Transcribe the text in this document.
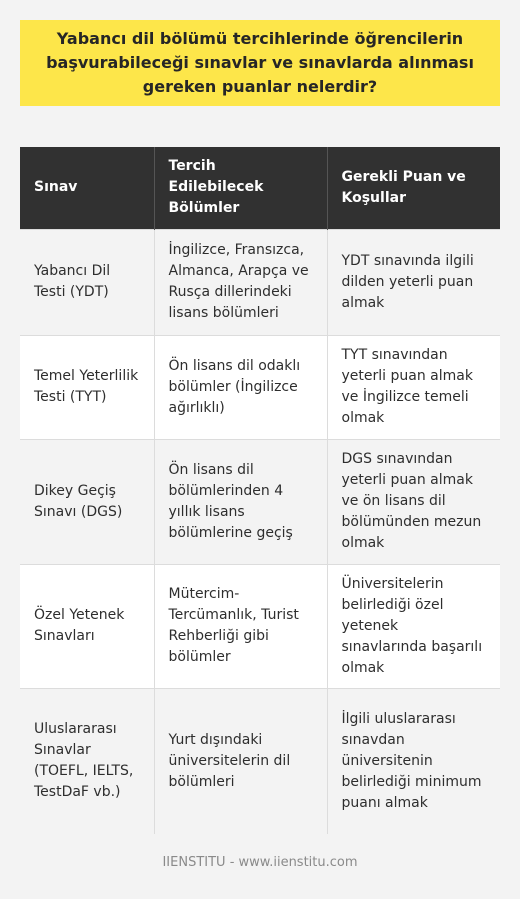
Yabancı dil bölümü tercihlerinde öğrencilerin başvurabileceği sınavlar ve sınavlarda alınması gereken puanlar nelerdir?
Sınav	Tercih Edilebilecek Bölümler	Gerekli Puan ve Koşullar
Yabancı Dil Testi (YDT)	İngilizce, Fransızca, Almanca, Arapça ve Rusça dillerindeki lisans bölümleri	YDT sınavında ilgili dilden yeterli puan almak
Temel Yeterlilik Testi (TYT)	Ön lisans dil odaklı bölümler (İngilizce ağırlıklı)	TYT sınavından yeterli puan almak ve İngilizce temeli olmak
Dikey Geçiş Sınavı (DGS)	Ön lisans dil bölümlerinden 4 yıllık lisans bölümlerine geçiş	DGS sınavından yeterli puan almak ve ön lisans dil bölümünden mezun olmak
Özel Yetenek Sınavları	Mütercim-Tercümanlık, Turist Rehberliği gibi bölümler	Üniversitelerin belirlediği özel yetenek sınavlarında başarılı olmak
Uluslararası Sınavlar (TOEFL, IELTS, TestDaF vb.)	Yurt dışındaki üniversitelerin dil bölümleri	İlgili uluslararası sınavdan üniversitenin belirlediği minimum puanı almak
IIENSTITU - www.iienstitu.com
